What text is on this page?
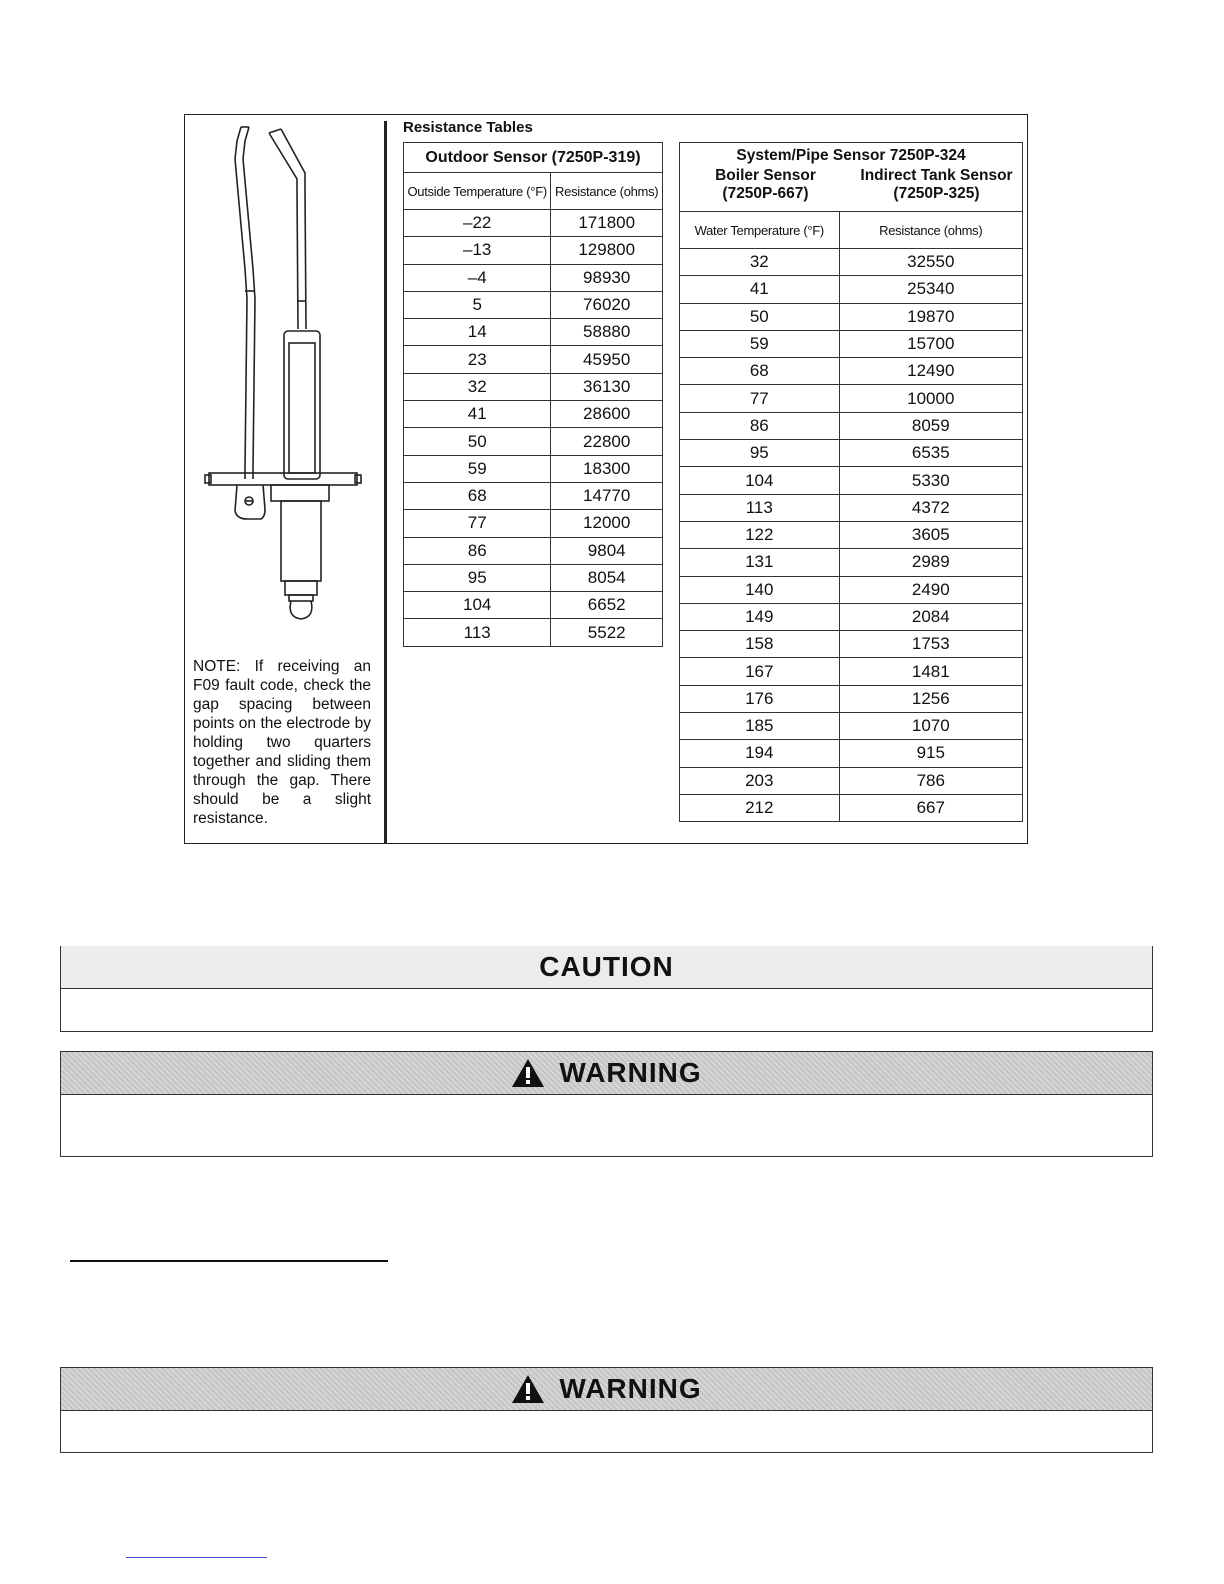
NOTE: If receiving an F09 fault code, check the gap spacing between points on the electrode by holding two quarters together and sliding them through the gap. There should be a slight resistance.
Resistance Tables
Outdoor Sensor (7250P-319)	
Outside Temperature (°F)	Resistance (ohms)
–22	171800
–13	129800
–4	98930
5	76020
14	58880
23	45950
32	36130
41	28600
50	22800
59	18300
68	14770
77	12000
86	9804
95	8054
104	6652
113	5522
System/Pipe Sensor 7250P-324
Boiler Sensor
(7250P-667)
Indirect Tank Sensor
(7250P-325)	

Water Temperature (°F)	Resistance (ohms)
32	32550
41	25340
50	19870
59	15700
68	12490
77	10000
86	8059
95	6535
104	5330
113	4372
122	3605
131	2989
140	2490
149	2084
158	1753
167	1481
176	1256
185	1070
194	915
203	786
212	667
CAUTION
WARNING
WARNING
